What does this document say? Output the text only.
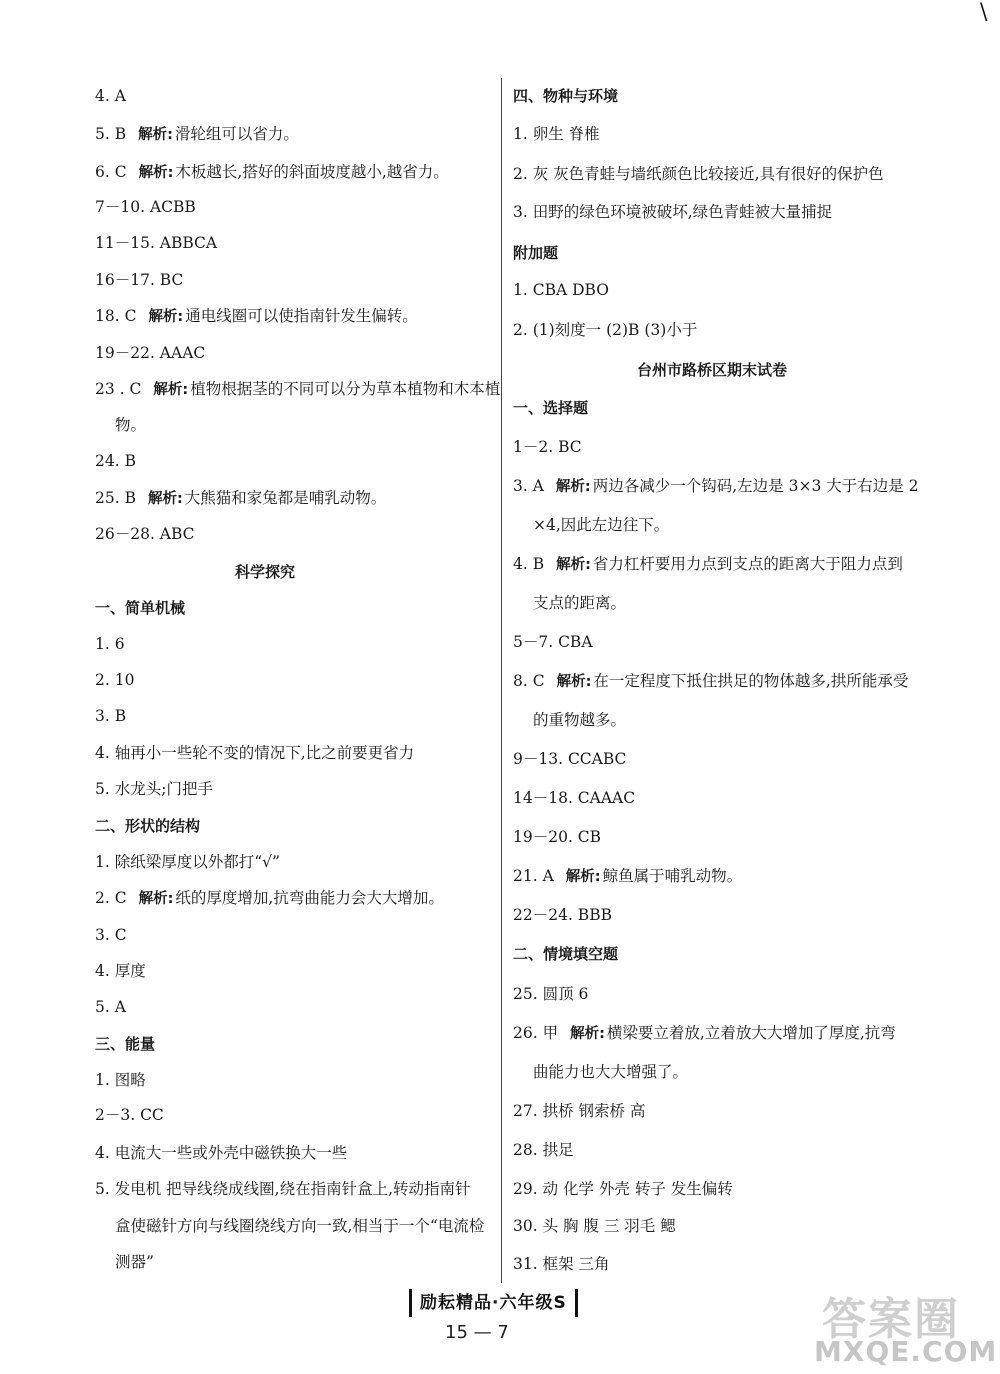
4. A
5. B 解析: 滑轮组可以省力。
6. C 解析: 木板越长,搭好的斜面坡度越小,越省力。
7－10. ACBB
11－15. ABBCA
16－17. BC
18. C 解析: 通电线圈可以使指南针发生偏转。
19－22. AAAC
23 . C 解析: 植物根据茎的不同可以分为草本植物和木本植
物。
24. B
25. B 解析: 大熊猫和家兔都是哺乳动物。
26－28. ABC
科学探究
一、简单机械
1. 6
2. 10
3. B
4. 轴再小一些轮不变的情况下,比之前要更省力
5. 水龙头;门把手
二、形状的结构
1. 除纸梁厚度以外都打“√”
2. C 解析: 纸的厚度增加,抗弯曲能力会大大增加。
3. C
4. 厚度
5. A
三、能量
1. 图略
2－3. CC
4. 电流大一些或外壳中磁铁换大一些
5. 发电机 把导线绕成线圈,绕在指南针盒上,转动指南针
盒使磁针方向与线圈绕线方向一致,相当于一个“电流检
测器”
四、物种与环境
1. 卵生 脊椎
2. 灰 灰色青蛙与墙纸颜色比较接近,具有很好的保护色
3. 田野的绿色环境被破坏,绿色青蛙被大量捕捉
附加题
1. CBA DBO
2. (1)刻度一 (2)B (3)小于
台州市路桥区期末试卷
一、选择题
1－2. BC
3. A 解析: 两边各减少一个钩码,左边是 3×3 大于右边是 2
×4,因此左边往下。
4. B 解析: 省力杠杆要用力点到支点的距离大于阻力点到
支点的距离。
5－7. CBA
8. C 解析: 在一定程度下抵住拱足的物体越多,拱所能承受
的重物越多。
9－13. CCABC
14－18. CAAAC
19－20. CB
21. A 解析: 鲸鱼属于哺乳动物。
22－24. BBB
二、情境填空题
25. 圆顶 6
26. 甲 解析: 横梁要立着放,立着放大大增加了厚度,抗弯
曲能力也大大增强了。
27. 拱桥 钢索桥 高
28. 拱足
29. 动 化学 外壳 转子 发生偏转
30. 头 胸 腹 三 羽毛 鳃
31. 框架 三角
\
励耘精品·六年级S
15 — 7	答案圈
MXQE.COM
